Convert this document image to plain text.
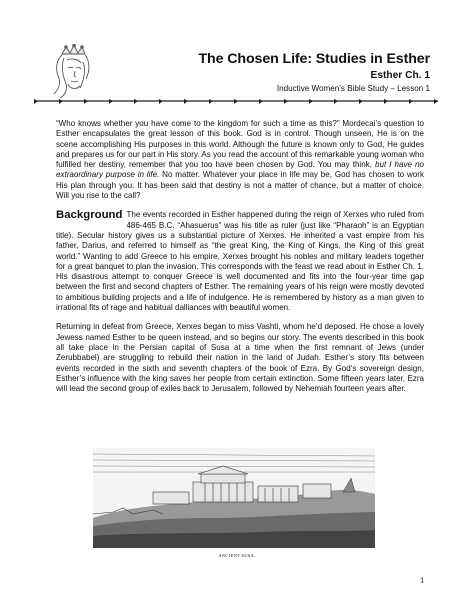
The Chosen Life: Studies in Esther
Esther Ch. 1
Inductive Women’s Bible Study – Lesson 1

“Who knows whether you have come to the kingdom for such a time as this?” Mordecai’s question to Esther encapsulates the great lesson of this book. God is in control. Though unseen, He is on the scene accomplishing His purposes in this world. Although the future is known only to God, He guides and prepares us for our part in His story. As you read the account of this remarkable young woman who fulfilled her destiny, remember that you too have been chosen by God. You may think, but I have no extraordinary purpose in life. No matter. Whatever your place in life may be, God has chosen to work His plan through you. It has been said that destiny is not a matter of chance, but a matter of choice. Will you rise to the call?

Background The events recorded in Esther happened during the reign of Xerxes who ruled from 486-465 B.C. “Ahasuerus” was his title as ruler (just like “Pharaoh” is an Egyptian title). Secular history gives us a substantial picture of Xerxes. He inherited a vast empire from his father, Darius, and referred to himself as “the great King, the King of Kings, the King of this great world.” Wanting to add Greece to his empire, Xerxes brought his nobles and military leaders together for a great banquet to plan the invasion. This corresponds with the feast we read about in Esther Ch. 1. His disastrous attempt to conquer Greece is well documented and fits into the four-year time gap between the first and second chapters of Esther. The remaining years of his reign were mostly devoted to ambitious building projects and a life of indulgence. He is remembered by history as a man given to irrational fits of rage and habitual dalliances with beautiful women.

Returning in defeat from Greece, Xerxes began to miss Vashti, whom he’d deposed. He chose a lovely Jewess named Esther to be queen instead, and so begins our story. The events described in this book all take place in the Persian capital of Susa at a time when the first remnant of Jews (under Zerubbabel) are struggling to rebuild their nation in the land of Judah. Esther’s story fits between events recorded in the sixth and seventh chapters of the book of Ezra. By God’s sovereign design, Esther’s influence with the king saves her people from certain extinction. Some fifteen years later, Ezra will lead the second group of exiles back to Jerusalem, followed by Nehemiah fourteen years after.

ANCIENT SUSA.
1
